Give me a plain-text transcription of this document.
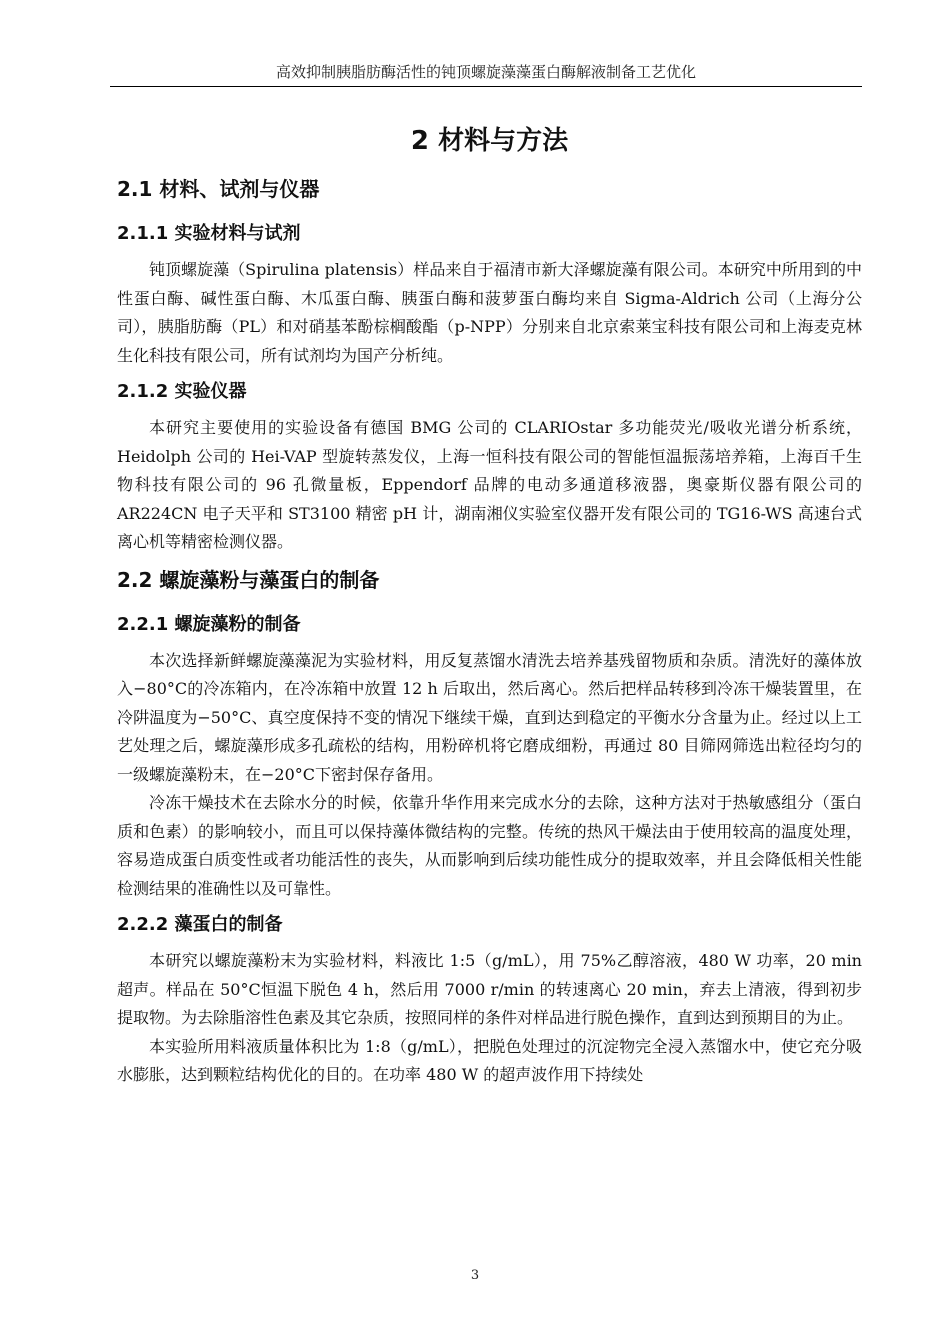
高效抑制胰脂肪酶活性的钝顶螺旋藻藻蛋白酶解液制备工艺优化
2 材料与方法
2.1 材料、试剂与仪器
2.1.1 实验材料与试剂

钝顶螺旋藻（Spirulina platensis）样品来自于福清市新大泽螺旋藻有限公司。本研究中所用到的中性蛋白酶、碱性蛋白酶、木瓜蛋白酶、胰蛋白酶和菠萝蛋白酶均来自 Sigma-Aldrich 公司（上海分公司），胰脂肪酶（PL）和对硝基苯酚棕榈酸酯（p-NPP）分别来自北京索莱宝科技有限公司和上海麦克林生化科技有限公司，所有试剂均为国产分析纯。

2.1.2 实验仪器

本研究主要使用的实验设备有德国 BMG 公司的 CLARIOstar 多功能荧光/吸收光谱分析系统，Heidolph 公司的 Hei-VAP 型旋转蒸发仪，上海一恒科技有限公司的智能恒温振荡培养箱，上海百千生物科技有限公司的 96 孔微量板，Eppendorf 品牌的电动多通道移液器，奥豪斯仪器有限公司的 AR224CN 电子天平和 ST3100 精密 pH 计，湖南湘仪实验室仪器开发有限公司的 TG16-WS 高速台式离心机等精密检测仪器。

2.2 螺旋藻粉与藻蛋白的制备
2.2.1 螺旋藻粉的制备

本次选择新鲜螺旋藻藻泥为实验材料，用反复蒸馏水清洗去培养基残留物质和杂质。清洗好的藻体放入−80°C的冷冻箱内，在冷冻箱中放置 12 h 后取出，然后离心。然后把样品转移到冷冻干燥装置里，在冷阱温度为−50°C、真空度保持不变的情况下继续干燥，直到达到稳定的平衡水分含量为止。经过以上工艺处理之后，螺旋藻形成多孔疏松的结构，用粉碎机将它磨成细粉，再通过 80 目筛网筛选出粒径均匀的一级螺旋藻粉末，在−20°C下密封保存备用。

冷冻干燥技术在去除水分的时候，依靠升华作用来完成水分的去除，这种方法对于热敏感组分（蛋白质和色素）的影响较小，而且可以保持藻体微结构的完整。传统的热风干燥法由于使用较高的温度处理，容易造成蛋白质变性或者功能活性的丧失，从而影响到后续功能性成分的提取效率，并且会降低相关性能检测结果的准确性以及可靠性。

2.2.2 藻蛋白的制备

本研究以螺旋藻粉末为实验材料，料液比 1:5（g/mL），用 75%乙醇溶液，480 W 功率，20 min 超声。样品在 50°C恒温下脱色 4 h，然后用 7000 r/min 的转速离心 20 min，弃去上清液，得到初步提取物。为去除脂溶性色素及其它杂质，按照同样的条件对样品进行脱色操作，直到达到预期目的为止。

本实验所用料液质量体积比为 1:8（g/mL），把脱色处理过的沉淀物完全浸入蒸馏水中，使它充分吸水膨胀，达到颗粒结构优化的目的。在功率 480 W 的超声波作用下持续处

3
